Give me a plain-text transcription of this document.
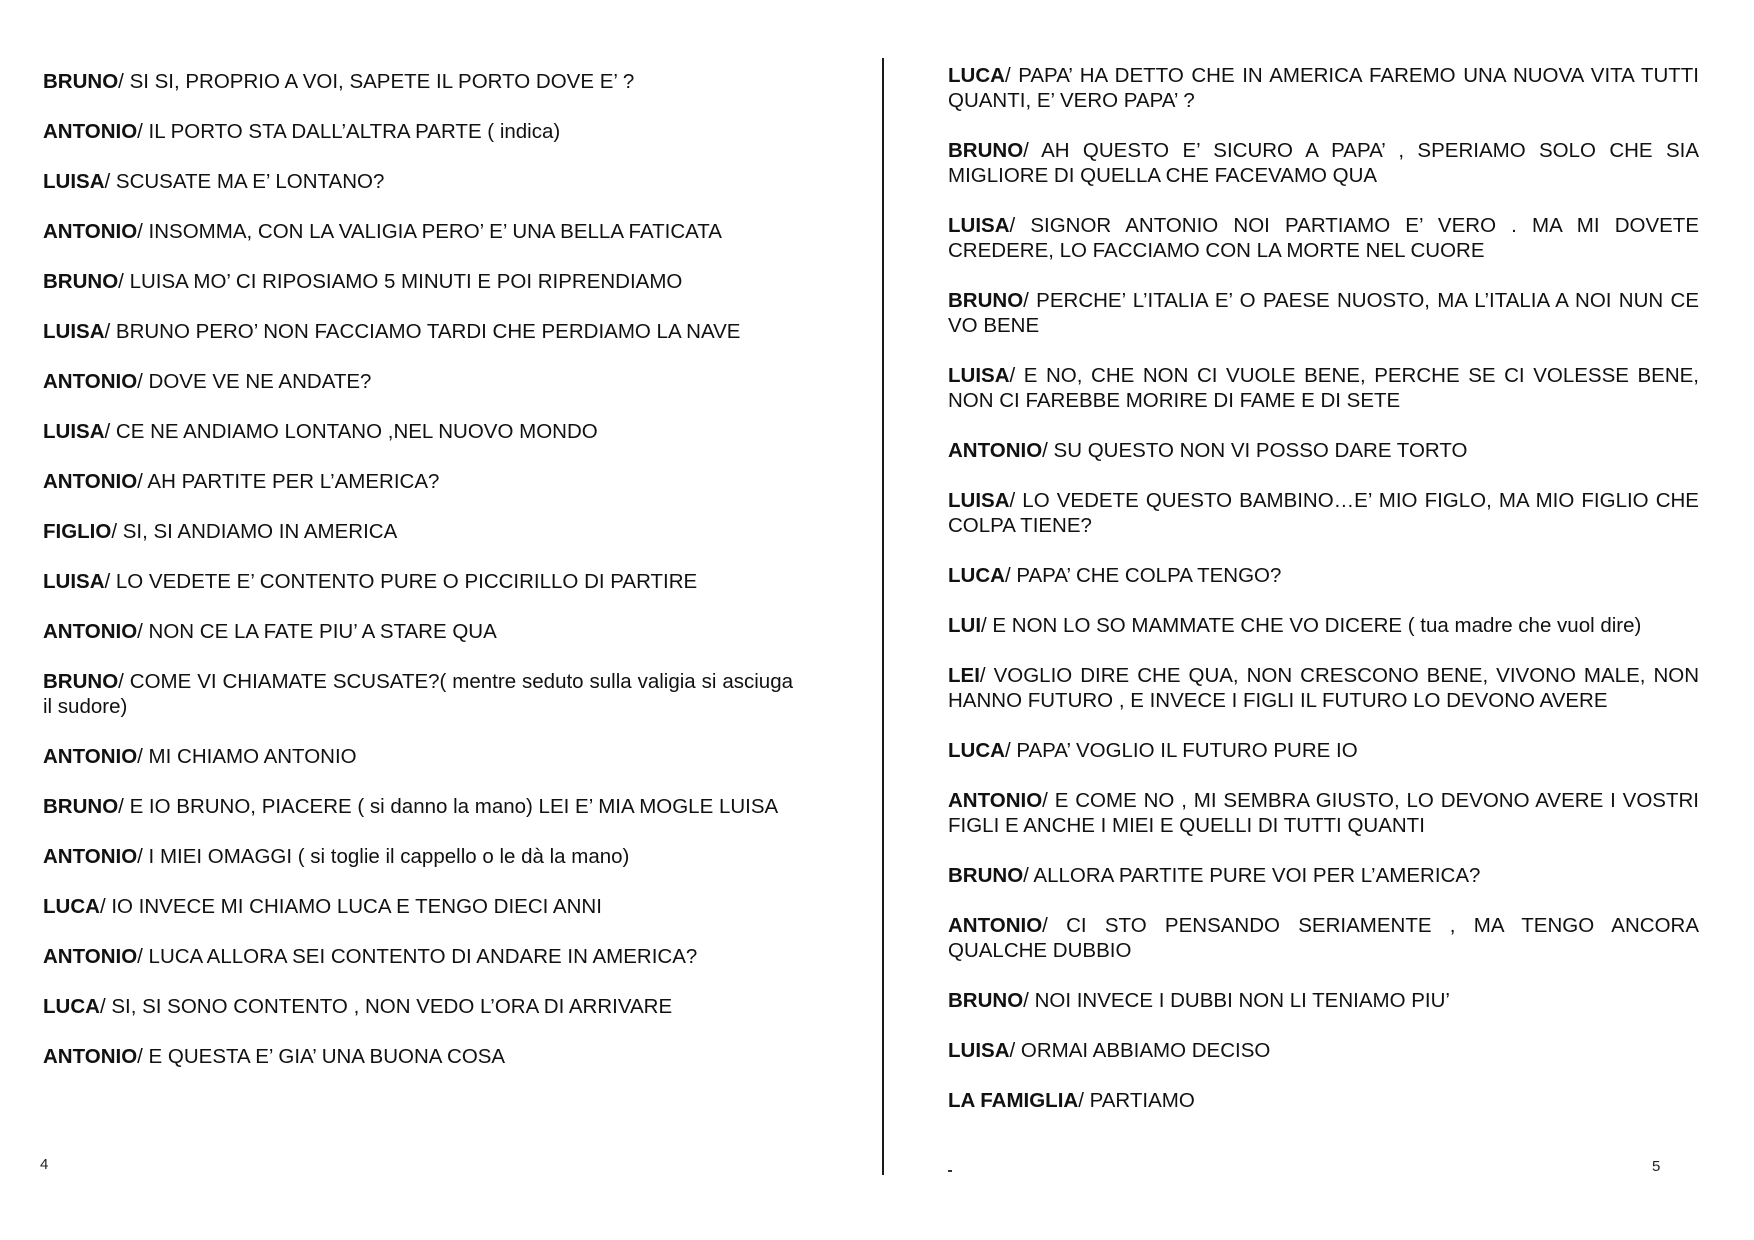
BRUNO/ SI SI, PROPRIO A VOI, SAPETE IL PORTO DOVE E’ ?
ANTONIO/ IL PORTO STA DALL’ALTRA PARTE ( indica)
LUISA/ SCUSATE MA E’ LONTANO?
ANTONIO/ INSOMMA, CON LA VALIGIA PERO’ E’ UNA BELLA FATICATA
BRUNO/ LUISA MO’ CI RIPOSIAMO 5 MINUTI E POI RIPRENDIAMO
LUISA/ BRUNO PERO’ NON FACCIAMO TARDI CHE PERDIAMO LA NAVE
ANTONIO/ DOVE VE NE ANDATE?
LUISA/ CE NE ANDIAMO LONTANO ,NEL NUOVO MONDO
ANTONIO/ AH PARTITE PER L’AMERICA?
FIGLIO/ SI, SI ANDIAMO IN AMERICA
LUISA/ LO VEDETE E’ CONTENTO PURE O PICCIRILLO DI PARTIRE
ANTONIO/ NON CE LA FATE PIU’ A STARE QUA
BRUNO/ COME VI CHIAMATE SCUSATE?( mentre seduto sulla valigia si asciuga il sudore)
ANTONIO/ MI CHIAMO ANTONIO
BRUNO/ E IO BRUNO, PIACERE ( si danno la mano) LEI E’ MIA MOGLE LUISA
ANTONIO/ I MIEI OMAGGI ( si toglie il cappello o le dà la mano)
LUCA/ IO INVECE MI CHIAMO LUCA E TENGO DIECI ANNI
ANTONIO/ LUCA ALLORA SEI CONTENTO DI ANDARE IN AMERICA?
LUCA/ SI, SI SONO CONTENTO , NON VEDO L’ORA DI ARRIVARE
ANTONIO/ E QUESTA E’ GIA’ UNA BUONA COSA
4
LUCA/ PAPA’ HA DETTO CHE IN AMERICA FAREMO UNA NUOVA VITA TUTTI QUANTI, E’ VERO PAPA’ ?
BRUNO/ AH QUESTO E’ SICURO A PAPA’ , SPERIAMO SOLO CHE SIA MIGLIORE DI QUELLA CHE FACEVAMO QUA
LUISA/ SIGNOR ANTONIO NOI PARTIAMO E’ VERO . MA MI DOVETE CREDERE, LO FACCIAMO CON LA MORTE NEL CUORE
BRUNO/ PERCHE’ L’ITALIA E’ O PAESE NUOSTO, MA L’ITALIA A NOI NUN CE VO BENE
LUISA/ E NO, CHE NON CI VUOLE BENE, PERCHE SE CI VOLESSE BENE, NON CI FAREBBE MORIRE DI FAME E DI SETE
ANTONIO/ SU QUESTO NON VI POSSO DARE TORTO
LUISA/ LO VEDETE QUESTO BAMBINO…E’ MIO FIGLO, MA MIO FIGLIO CHE COLPA TIENE?
LUCA/ PAPA’ CHE COLPA TENGO?
LUI/ E NON LO SO MAMMATE CHE VO DICERE ( tua madre che vuol dire)
LEI/ VOGLIO DIRE CHE QUA, NON CRESCONO BENE, VIVONO MALE, NON HANNO FUTURO , E INVECE I FIGLI IL FUTURO LO DEVONO AVERE
LUCA/ PAPA’ VOGLIO IL FUTURO PURE IO
ANTONIO/ E COME NO , MI SEMBRA GIUSTO, LO DEVONO AVERE I VOSTRI FIGLI E ANCHE I MIEI E QUELLI DI TUTTI QUANTI
BRUNO/ ALLORA PARTITE PURE VOI PER L’AMERICA?
ANTONIO/ CI STO PENSANDO SERIAMENTE , MA TENGO ANCORA QUALCHE DUBBIO
BRUNO/ NOI INVECE I DUBBI NON LI TENIAMO PIU’
LUISA/ ORMAI ABBIAMO DECISO
LA FAMIGLIA/ PARTIAMO
5
